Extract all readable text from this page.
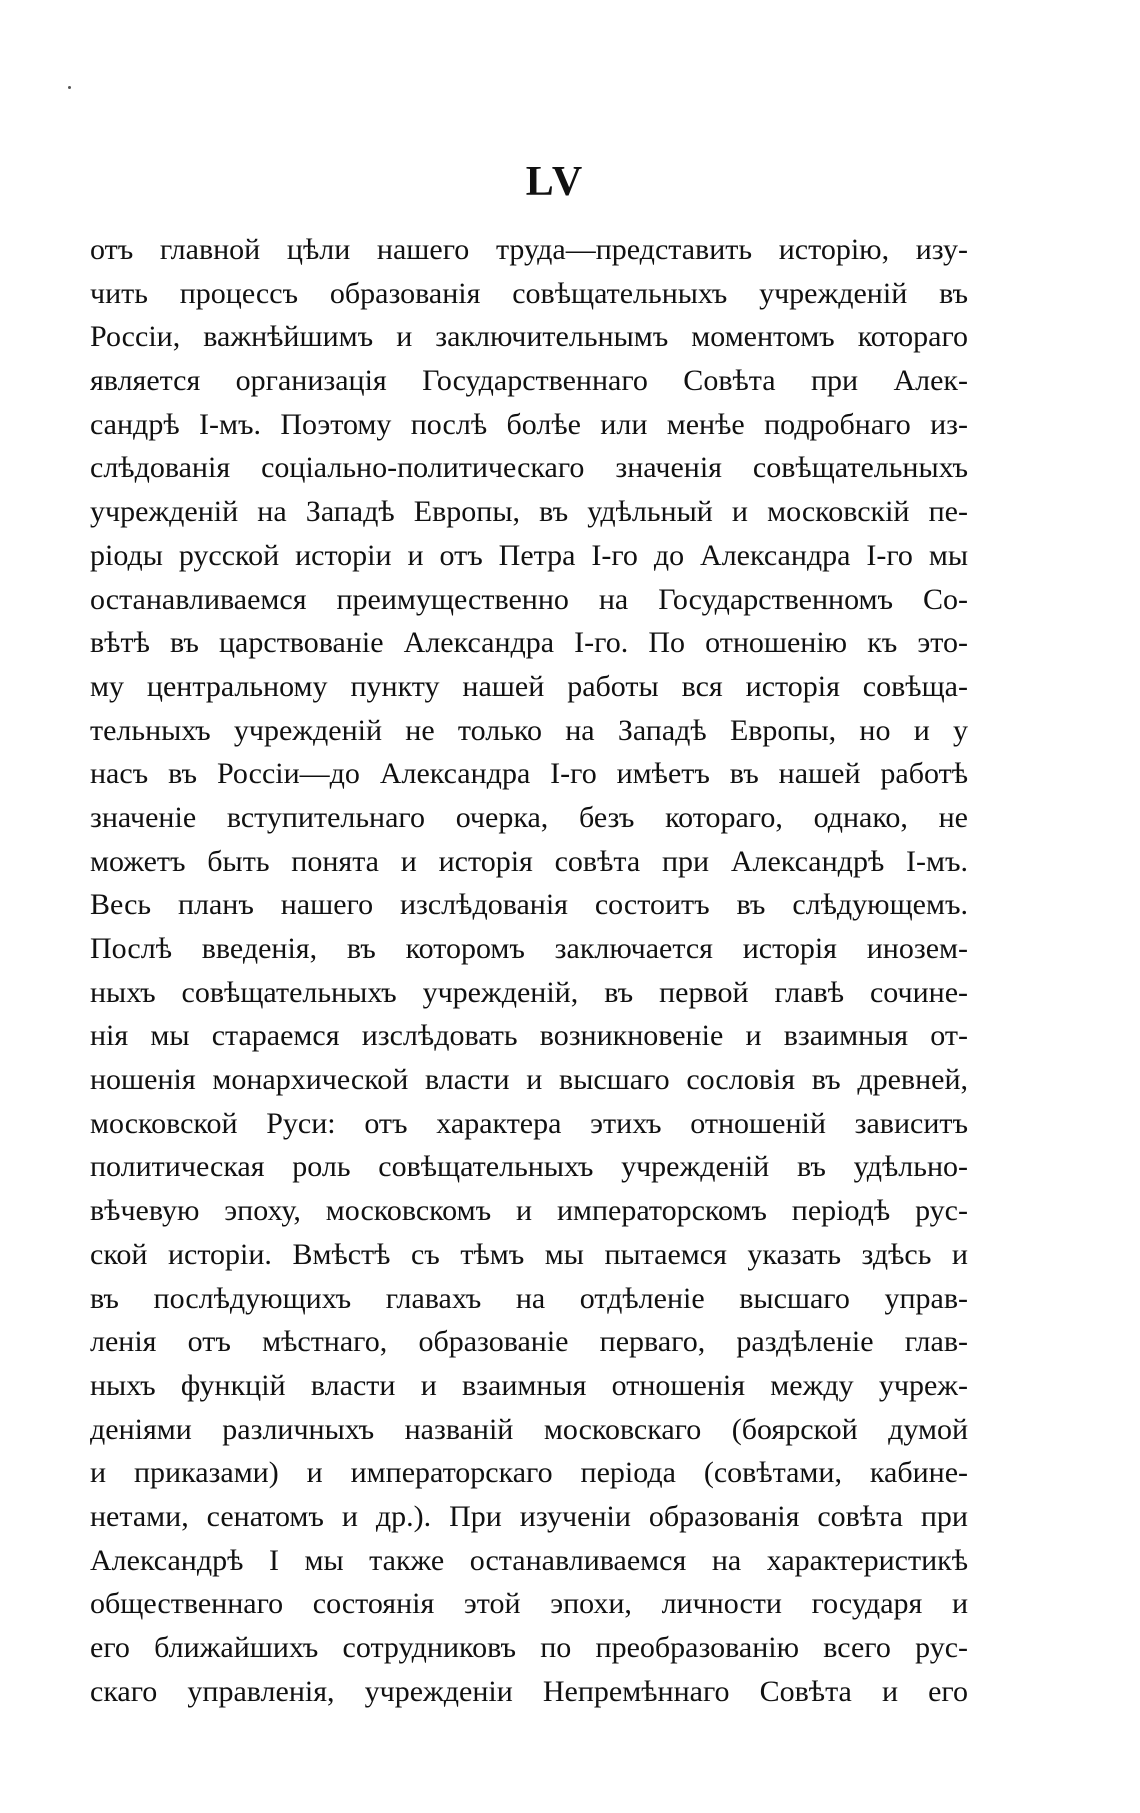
LV
отъ главной цѣли нашего труда—представить исторію, изу-
чить процессъ образованія совѣщательныхъ учрежденій въ
Россіи, важнѣйшимъ и заключительнымъ моментомъ котораго
является организація Государственнаго Совѣта при Алек-
сандрѣ I-мъ. Поэтому послѣ болѣе или менѣе подробнаго из-
слѣдованія соціально-политическаго значенія совѣщательныхъ
учрежденій на Западѣ Европы, въ удѣльный и московскій пе-
ріоды русской исторіи и отъ Петра I-го до Александра I-го мы
останавливаемся преимущественно на Государственномъ Со-
вѣтѣ въ царствованіе Александра I-го. По отношенію къ это-
му центральному пункту нашей работы вся исторія совѣща-
тельныхъ учрежденій не только на Западѣ Европы, но и у
насъ въ Россіи—до Александра I-го имѣетъ въ нашей работѣ
значеніе вступительнаго очерка, безъ котораго, однако, не
можетъ быть понята и исторія совѣта при Александрѣ I-мъ.
Весь планъ нашего изслѣдованія состоитъ въ слѣдующемъ.
Послѣ введенія, въ которомъ заключается исторія инозем-
ныхъ совѣщательныхъ учрежденій, въ первой главѣ сочине-
нія мы стараемся изслѣдовать возникновеніе и взаимныя от-
ношенія монархической власти и высшаго сословія въ древней,
московской Руси: отъ характера этихъ отношеній зависитъ
политическая роль совѣщательныхъ учрежденій въ удѣльно-
вѣчевую эпоху, московскомъ и императорскомъ періодѣ рус-
ской исторіи. Вмѣстѣ съ тѣмъ мы пытаемся указать здѣсь и
въ послѣдующихъ главахъ на отдѣленіе высшаго управ-
ленія отъ мѣстнаго, образованіе перваго, раздѣленіе глав-
ныхъ функцій власти и взаимныя отношенія между учреж-
деніями различныхъ названій московскаго (боярской думой
и приказами) и императорскаго періода (совѣтами, кабине-
нетами, сенатомъ и др.). При изученіи образованія совѣта при
Александрѣ I мы также останавливаемся на характеристикѣ
общественнаго состоянія этой эпохи, личности государя и
его ближайшихъ сотрудниковъ по преобразованію всего рус-
скаго управленія, учрежденіи Непремѣннаго Совѣта и его
